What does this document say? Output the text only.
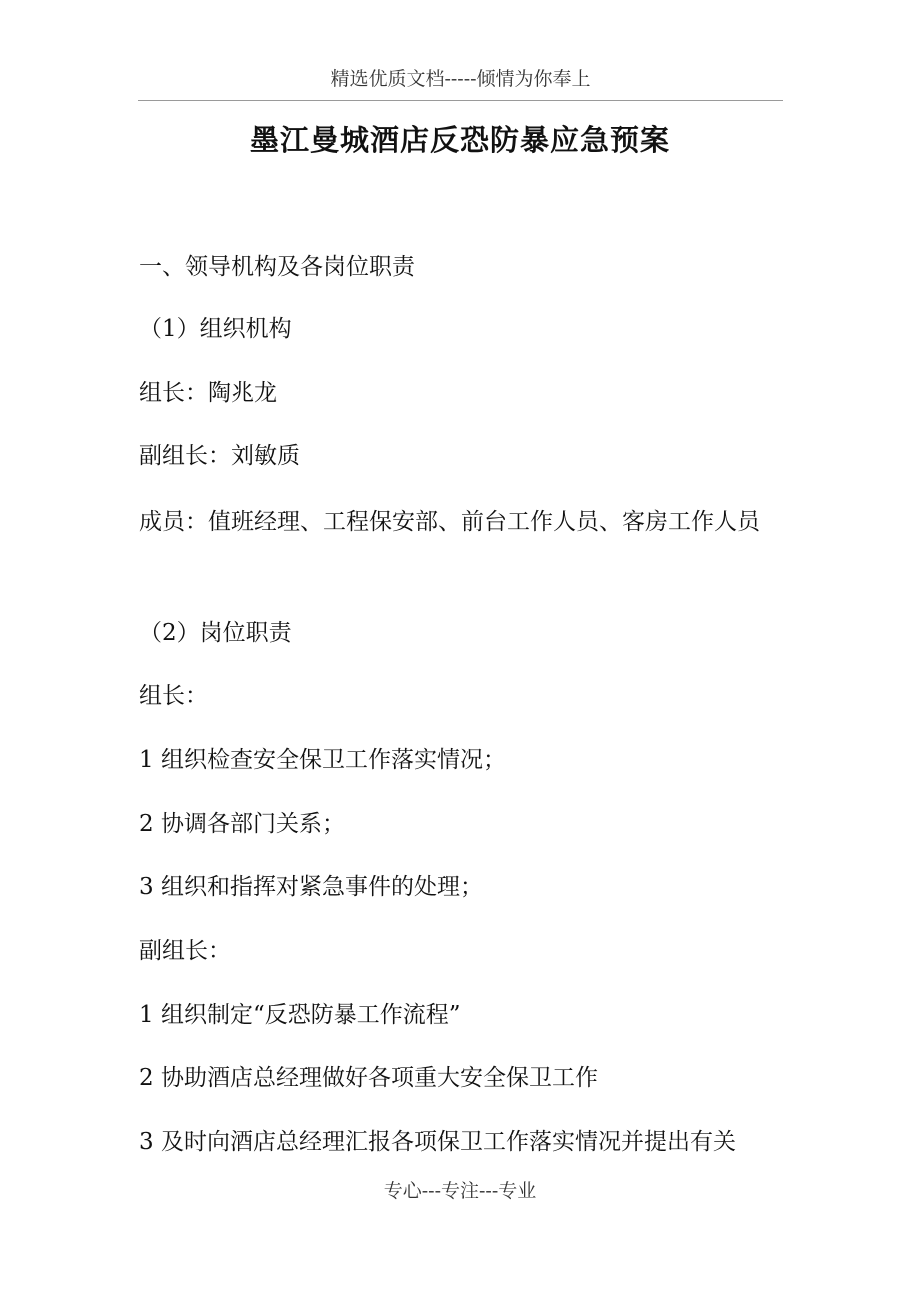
精选优质文档-----倾情为你奉上
墨江曼城酒店反恐防暴应急预案
一、领导机构及各岗位职责
（1）组织机构
组长：陶兆龙
副组长：刘敏质
成员：值班经理、工程保安部、前台工作人员、客房工作人员
（2）岗位职责
组长：
1 组织检查安全保卫工作落实情况；
2 协调各部门关系；
3 组织和指挥对紧急事件的处理；
副组长：
1 组织制定“反恐防暴工作流程”
2 协助酒店总经理做好各项重大安全保卫工作
3 及时向酒店总经理汇报各项保卫工作落实情况并提出有关
专心---专注---专业
